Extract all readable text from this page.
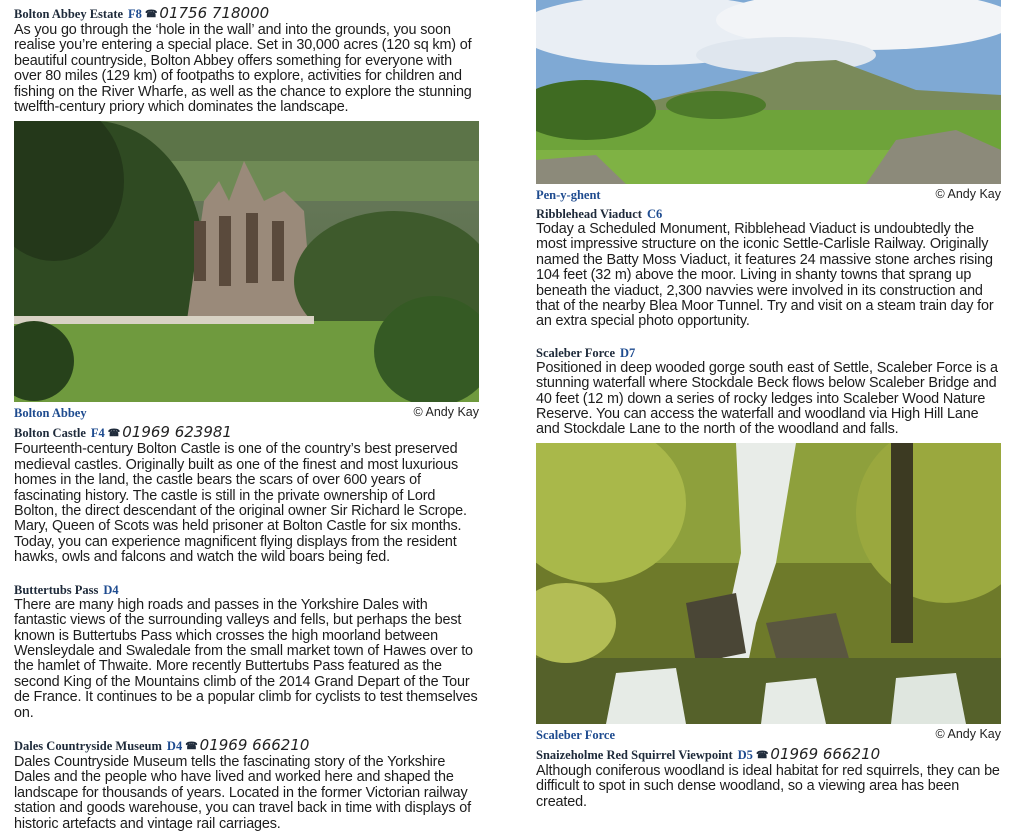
Bolton Abbey Estate F8 ☎ 01756 718000

As you go through the ‘hole in the wall’ and into the grounds, you soon realise you’re entering a special place. Set in 30,000 acres (120 sq km) of beautiful countryside, Bolton Abbey offers something for everyone with over 80 miles (129 km) of footpaths to explore, activities for children and fishing on the River Wharfe, as well as the chance to explore the stunning twelfth-century priory which dominates the landscape.

Bolton Abbey	© Andy Kay
Bolton Castle F4 ☎ 01969 623981

Fourteenth-century Bolton Castle is one of the country’s best preserved medieval castles. Originally built as one of the finest and most luxurious homes in the land, the castle bears the scars of over 600 years of fascinating history. The castle is still in the private ownership of Lord Bolton, the direct descendant of the original owner Sir Richard le Scrope. Mary, Queen of Scots was held prisoner at Bolton Castle for six months. Today, you can experience magnificent flying displays from the resident hawks, owls and falcons and watch the wild boars being fed.

Buttertubs Pass D4

There are many high roads and passes in the Yorkshire Dales with fantastic views of the surrounding valleys and fells, but perhaps the best known is Buttertubs Pass which crosses the high moorland between Wensleydale and Swaledale from the small market town of Hawes over to the hamlet of Thwaite. More recently Buttertubs Pass featured as the second King of the Mountains climb of the 2014 Grand Depart of the Tour de France. It continues to be a popular climb for cyclists to test themselves on.

Dales Countryside Museum D4 ☎ 01969 666210

Dales Countryside Museum tells the fascinating story of the Yorkshire Dales and the people who have lived and worked here and shaped the landscape for thousands of years. Located in the former Victorian railway station and goods warehouse, you can travel back in time with displays of historic artefacts and vintage rail carriages.

Pen-y-ghent	© Andy Kay
Ribblehead Viaduct C6

Today a Scheduled Monument, Ribblehead Viaduct is undoubtedly the most impressive structure on the iconic Settle-Carlisle Railway. Originally named the Batty Moss Viaduct, it features 24 massive stone arches rising 104 feet (32 m) above the moor. Living in shanty towns that sprang up beneath the viaduct, 2,300 navvies were involved in its construction and that of the nearby Blea Moor Tunnel. Try and visit on a steam train day for an extra special photo opportunity.

Scaleber Force D7

Positioned in deep wooded gorge south east of Settle, Scaleber Force is a stunning waterfall where Stockdale Beck flows below Scaleber Bridge and 40 feet (12 m) down a series of rocky ledges into Scaleber Wood Nature Reserve. You can access the waterfall and woodland via High Hill Lane and Stockdale Lane to the north of the woodland and falls.

Scaleber Force	© Andy Kay
Snaizeholme Red Squirrel Viewpoint D5 ☎ 01969 666210

Although coniferous woodland is ideal habitat for red squirrels, they can be difficult to spot in such dense woodland, so a viewing area has been created.
